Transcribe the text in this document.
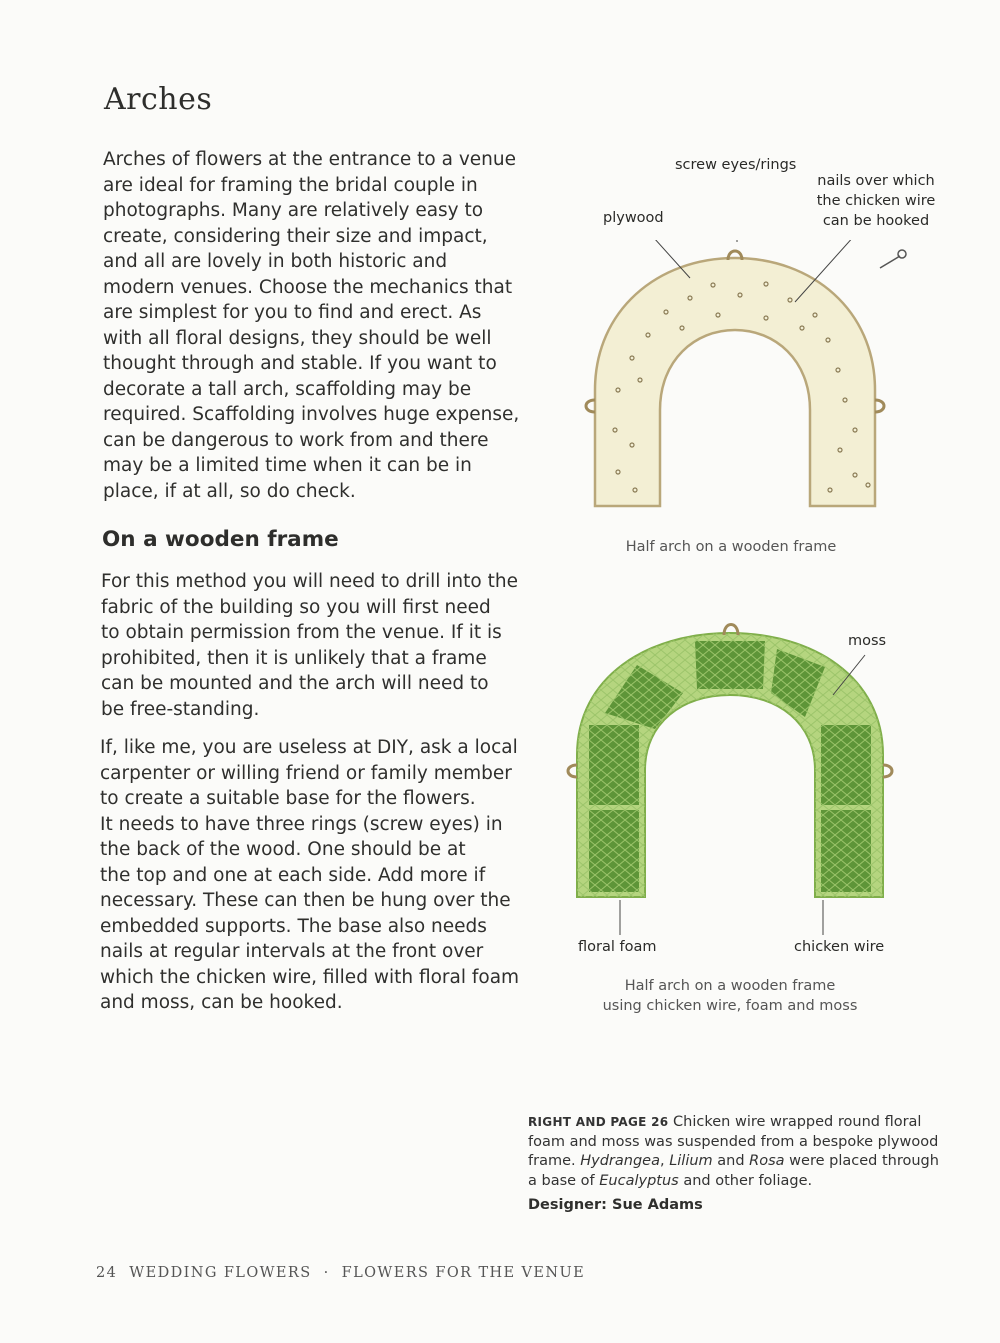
Arches
Arches of flowers at the entrance to a venue
are ideal for framing the bridal couple in
photographs. Many are relatively easy to
create, considering their size and impact,
and all are lovely in both historic and
modern venues. Choose the mechanics that
are simplest for you to find and erect. As
with all floral designs, they should be well
thought through and stable. If you want to
decorate a tall arch, scaffolding may be
required. Scaffolding involves huge expense,
can be dangerous to work from and there
may be a limited time when it can be in
place, if at all, so do check.
On a wooden frame
For this method you will need to drill into the
fabric of the building so you will first need
to obtain permission from the venue. If it is
prohibited, then it is unlikely that a frame
can be mounted and the arch will need to
be free-standing.
If, like me, you are useless at DIY, ask a local
carpenter or willing friend or family member
to create a suitable base for the flowers.
It needs to have three rings (screw eyes) in
the back of the wood. One should be at
the top and one at each side. Add more if
necessary. These can then be hung over the
embedded supports. The base also needs
nails at regular intervals at the front over
which the chicken wire, filled with floral foam
and moss, can be hooked.
screw eyes/rings
plywood
nails over which
the chicken wire
can be hooked
Half arch on a wooden frame
moss
floral foam	chicken wire
Half arch on a wooden frame
using chicken wire, foam and moss
RIGHT AND PAGE 26 Chicken wire wrapped round floral foam and moss was suspended from a bespoke plywood frame. Hydrangea, Lilium and Rosa were placed through a base of Eucalyptus and other foliage.
Designer: Sue Adams
24 WEDDING FLOWERS · FLOWERS FOR THE VENUE
